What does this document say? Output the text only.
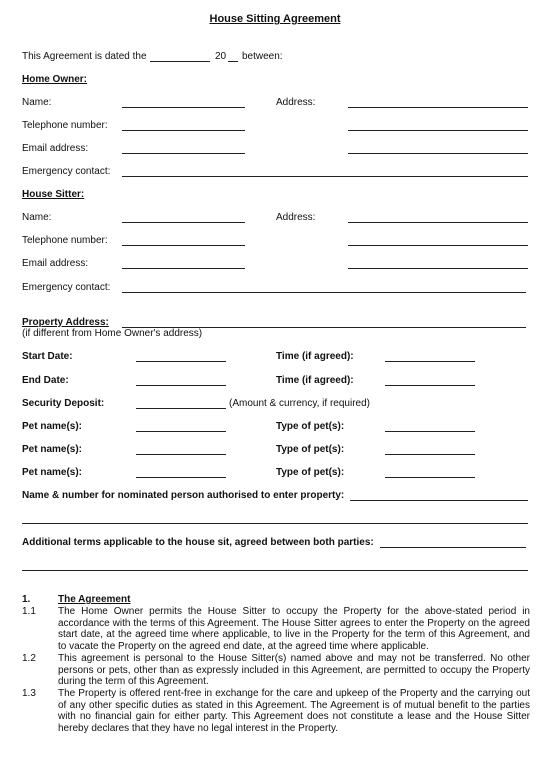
House Sitting Agreement
This Agreement is dated the	20 between:
Home Owner:
Name:	Address:
Telephone number:
Email address:
Emergency contact:
House Sitter:
Name:	Address:
Telephone number:
Email address:
Emergency contact:
Property Address:
(if different from Home Owner's address)
Start Date:	Time (if agreed):
End Date:	Time (if agreed):
Security Deposit:	(Amount & currency, if required)
Pet name(s):	Type of pet(s):
Pet name(s):	Type of pet(s):
Pet name(s):	Type of pet(s):
Name & number for nominated person authorised to enter property:
Additional terms applicable to the house sit, agreed between both parties:
1.	The Agreement
1.1 The Home Owner permits the House Sitter to occupy the Property for the above-stated period in accordance with the terms of this Agreement. The House Sitter agrees to enter the Property on the agreed start date, at the agreed time where applicable, to live in the Property for the term of this Agreement, and to vacate the Property on the agreed end date, at the agreed time where applicable.
1.2 This agreement is personal to the House Sitter(s) named above and may not be transferred. No other persons or pets, other than as expressly included in this Agreement, are permitted to occupy the Property during the term of this Agreement.
1.3 The Property is offered rent-free in exchange for the care and upkeep of the Property and the carrying out of any other specific duties as stated in this Agreement. The Agreement is of mutual benefit to the parties with no financial gain for either party. This Agreement does not constitute a lease and the House Sitter hereby declares that they have no legal interest in the Property.
